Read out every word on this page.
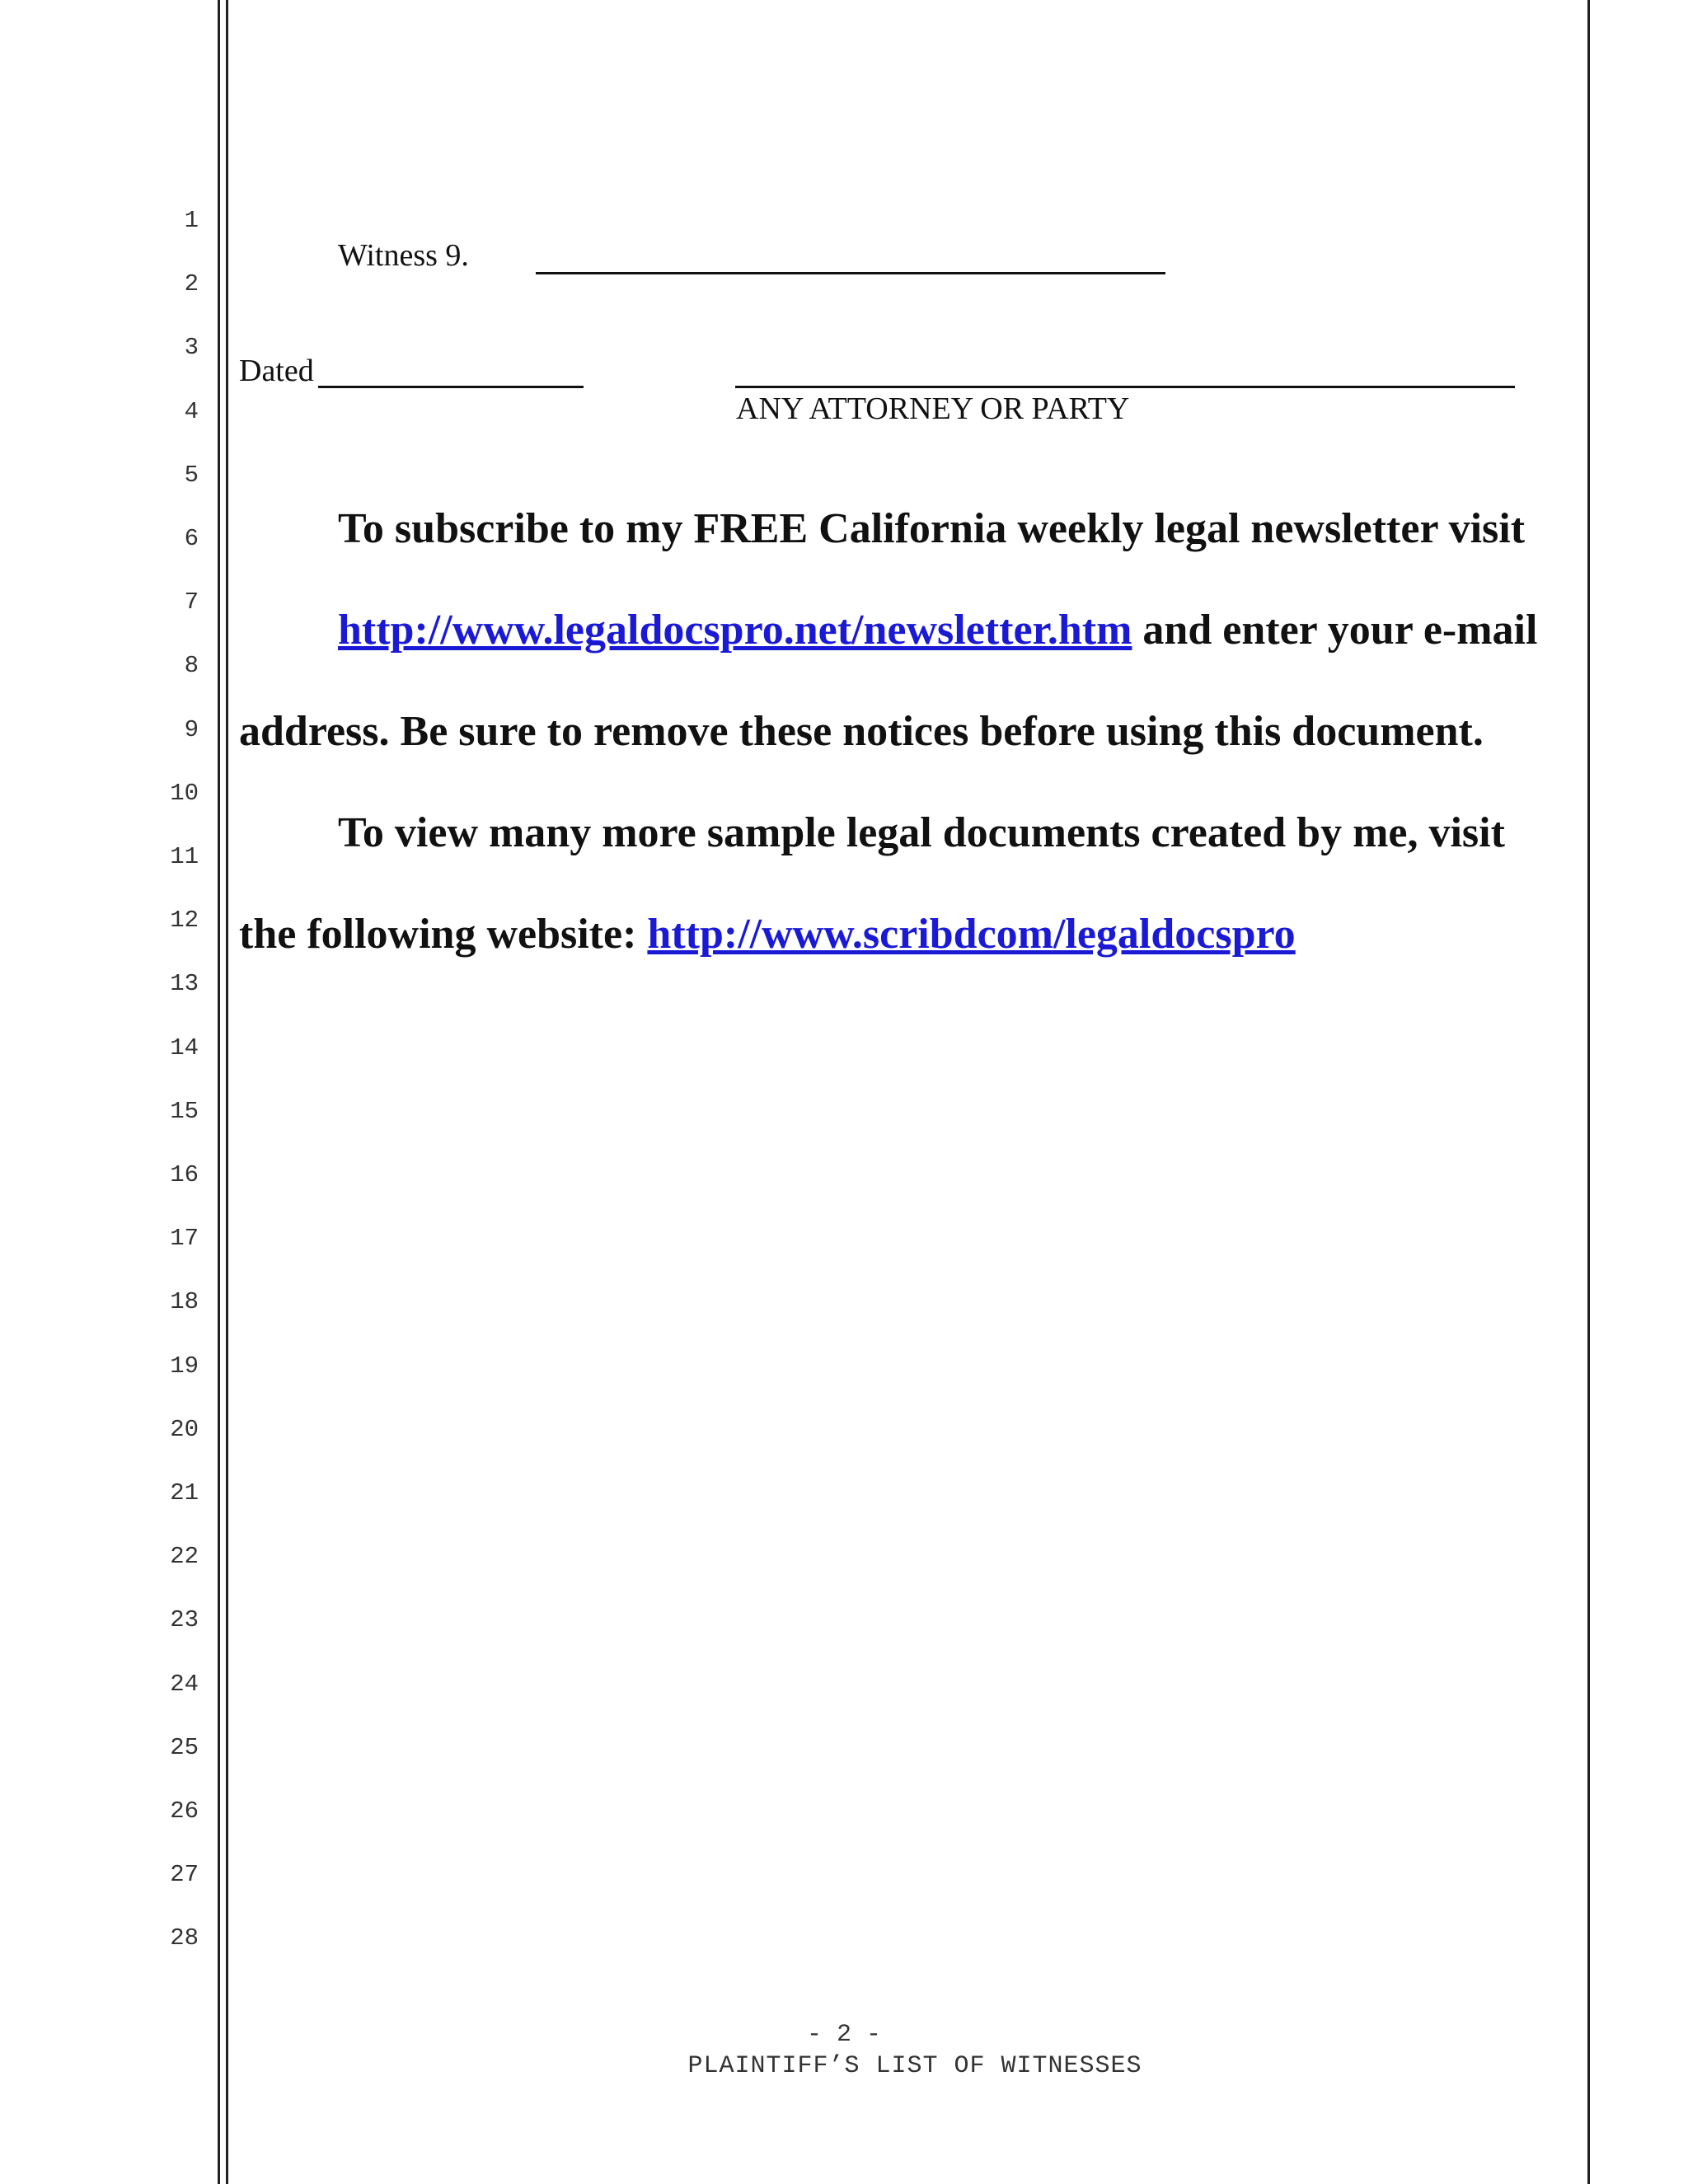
1
2
3
4
5
6
7
8
9
10
11
12
13
14
15
16
17
18
19
20
21
22
23
24
25
26
27
28
Witness 9.
Dated
ANY ATTORNEY OR PARTY
To subscribe to my FREE California weekly legal newsletter visit
http://www.legaldocspro.net/newsletter.htm and enter your e-mail
address. Be sure to remove these notices before using this document.
To view many more sample legal documents created by me, visit
the following website: http://www.scribdcom/legaldocspro
- 2 -
PLAINTIFF’S LIST OF WITNESSES
